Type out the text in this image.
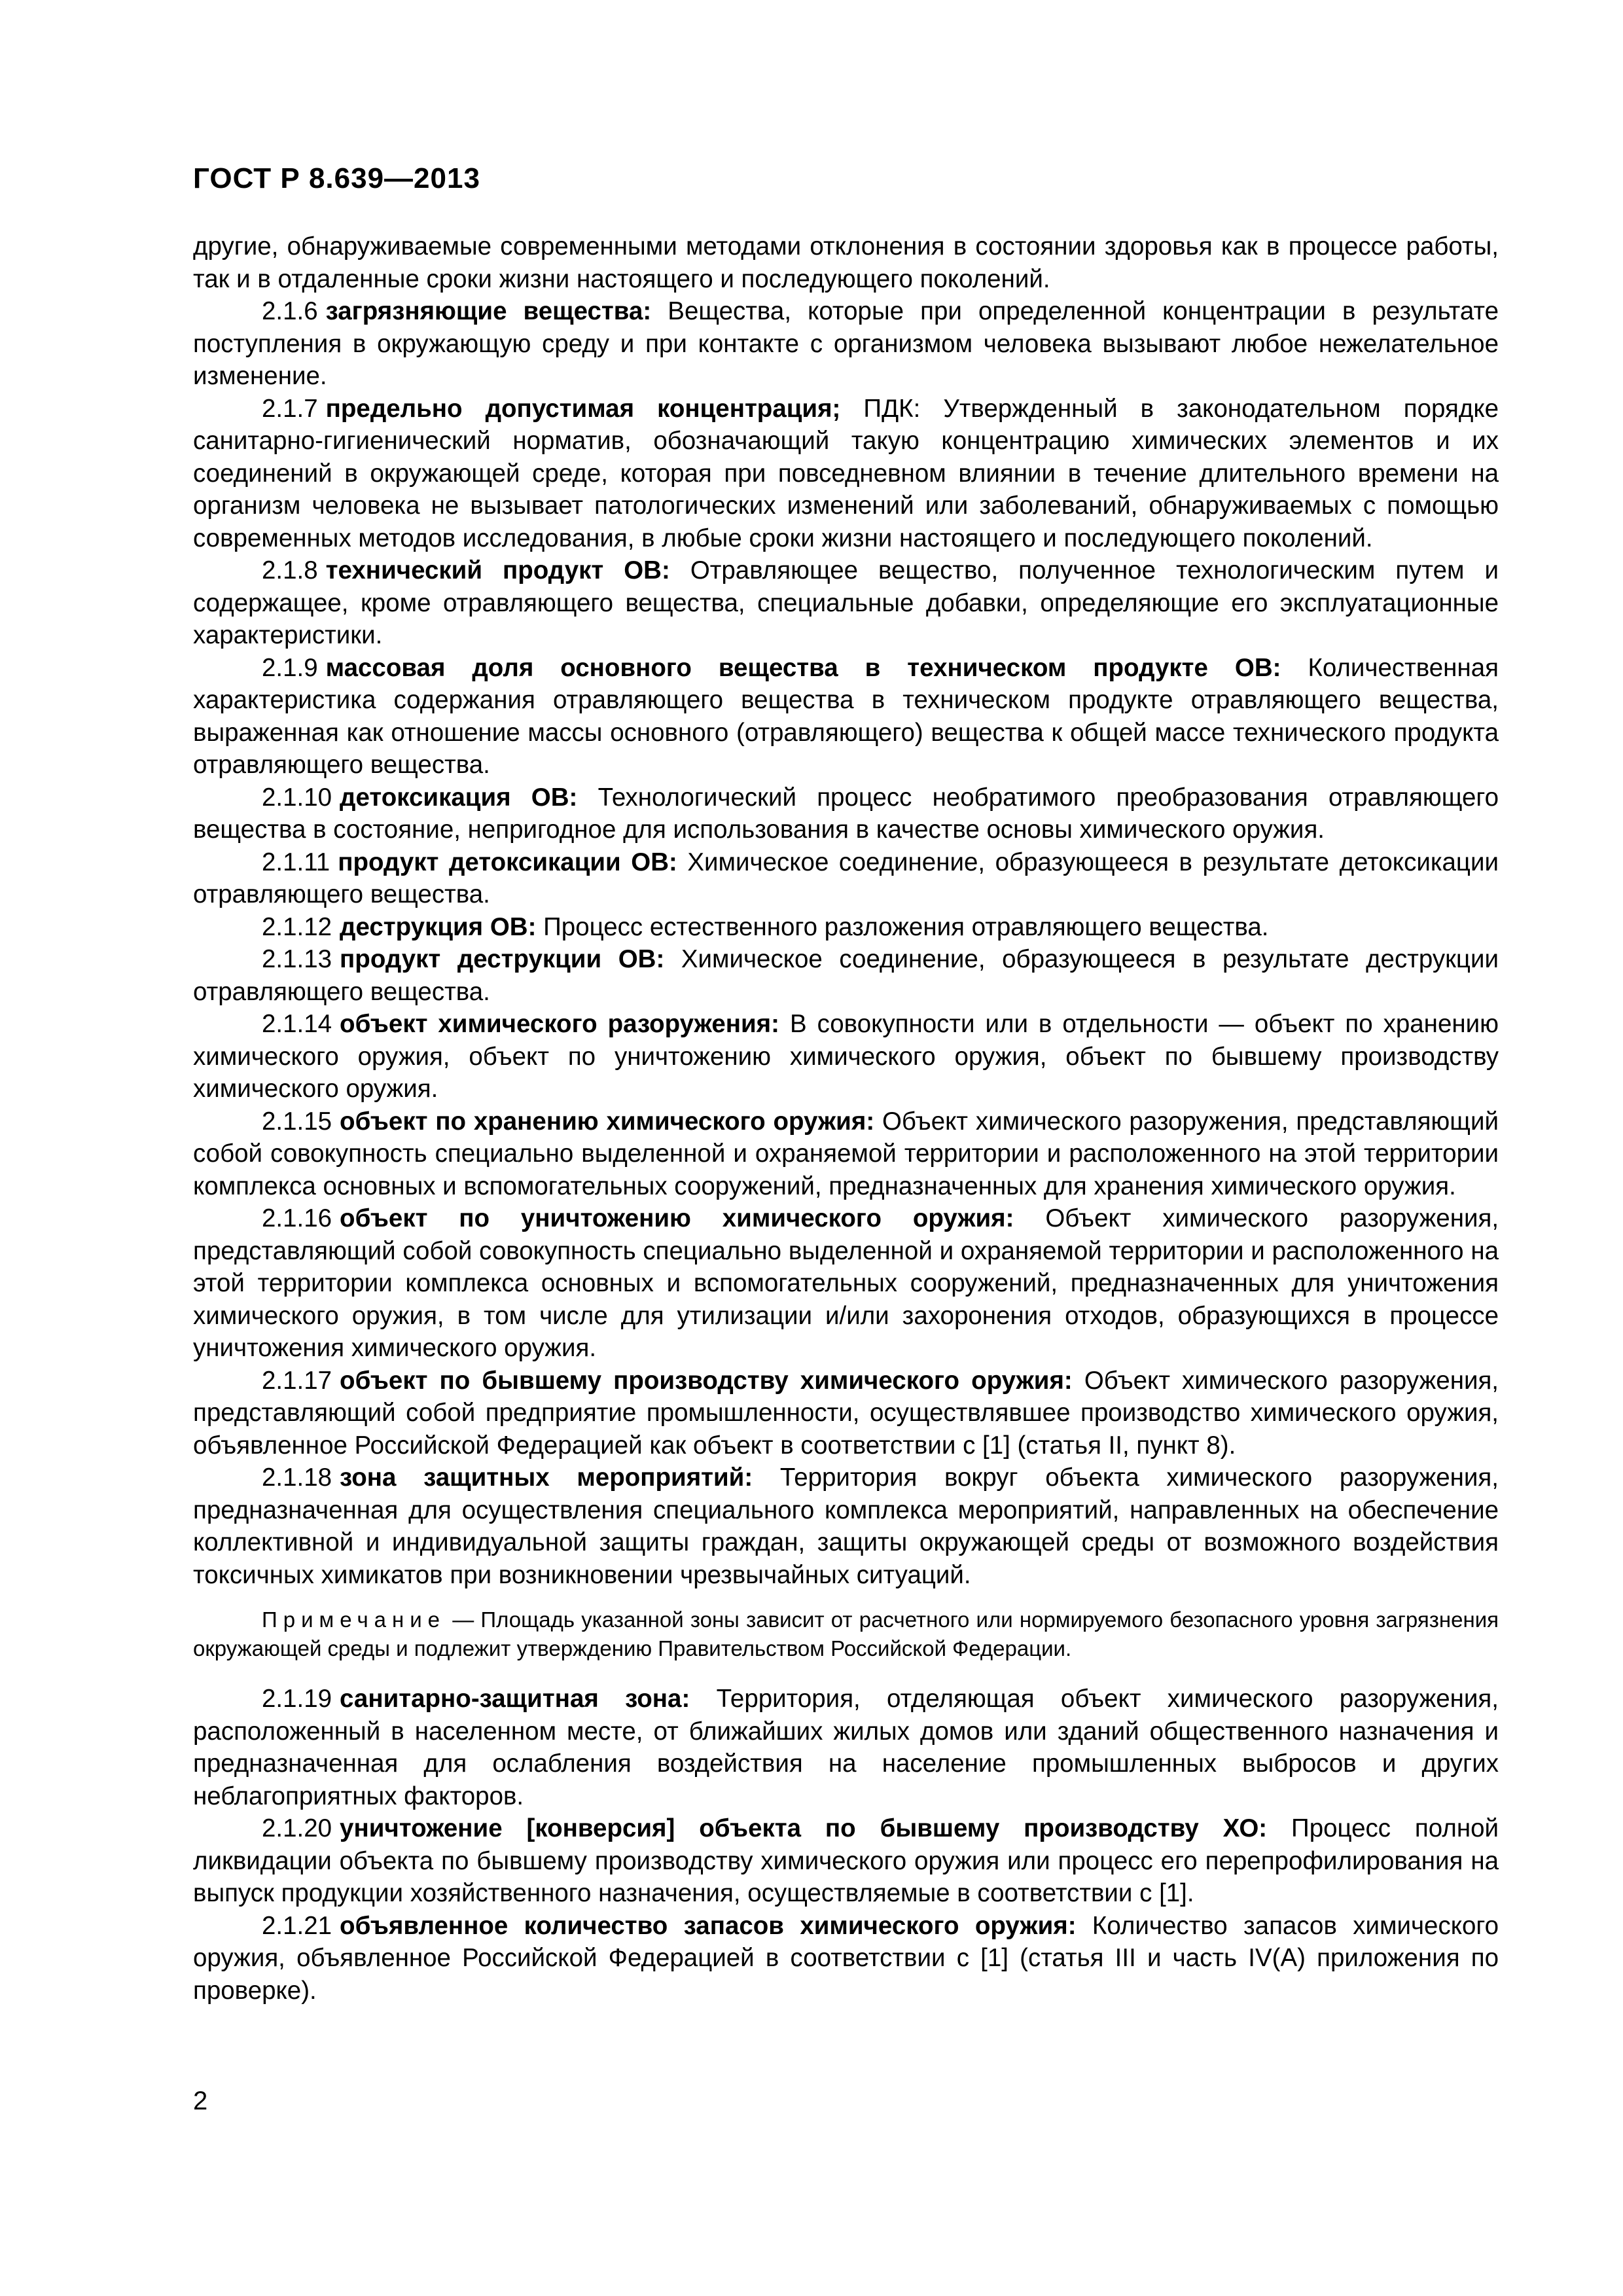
ГОСТ Р 8.639—2013

другие, обнаруживаемые современными методами отклонения в состоянии здоровья как в процессе работы, так и в отдаленные сроки жизни настоящего и последующего поколений.

2.1.6 загрязняющие вещества: Вещества, которые при определенной концентрации в результате поступления в окружающую среду и при контакте с организмом человека вызывают любое нежелательное изменение.

2.1.7 предельно допустимая концентрация; ПДК: Утвержденный в законодательном порядке санитарно-гигиенический норматив, обозначающий такую концентрацию химических элементов и их соединений в окружающей среде, которая при повседневном влиянии в течение длительного времени на организм человека не вызывает патологических изменений или заболеваний, обнаруживаемых с помощью современных методов исследования, в любые сроки жизни настоящего и последующего поколений.

2.1.8 технический продукт ОВ: Отравляющее вещество, полученное технологическим путем и содержащее, кроме отравляющего вещества, специальные добавки, определяющие его эксплуатационные характеристики.

2.1.9 массовая доля основного вещества в техническом продукте ОВ: Количественная характеристика содержания отравляющего вещества в техническом продукте отравляющего вещества, выраженная как отношение массы основного (отравляющего) вещества к общей массе технического продукта отравляющего вещества.

2.1.10 детоксикация ОВ: Технологический процесс необратимого преобразования отравляющего вещества в состояние, непригодное для использования в качестве основы химического оружия.

2.1.11 продукт детоксикации ОВ: Химическое соединение, образующееся в результате детоксикации отравляющего вещества.

2.1.12 деструкция ОВ: Процесс естественного разложения отравляющего вещества.

2.1.13 продукт деструкции ОВ: Химическое соединение, образующееся в результате деструкции отравляющего вещества.

2.1.14 объект химического разоружения: В совокупности или в отдельности — объект по хранению химического оружия, объект по уничтожению химического оружия, объект по бывшему производству химического оружия.

2.1.15 объект по хранению химического оружия: Объект химического разоружения, представляющий собой совокупность специально выделенной и охраняемой территории и расположенного на этой территории комплекса основных и вспомогательных сооружений, предназначенных для хранения химического оружия.

2.1.16 объект по уничтожению химического оружия: Объект химического разоружения, представляющий собой совокупность специально выделенной и охраняемой территории и расположенного на этой территории комплекса основных и вспомогательных сооружений, предназначенных для уничтожения химического оружия, в том числе для утилизации и/или захоронения отходов, образующихся в процессе уничтожения химического оружия.

2.1.17 объект по бывшему производству химического оружия: Объект химического разоружения, представляющий собой предприятие промышленности, осуществлявшее производство химического оружия, объявленное Российской Федерацией как объект в соответствии с [1] (статья II, пункт 8).

2.1.18 зона защитных мероприятий: Территория вокруг объекта химического разоружения, предназначенная для осуществления специального комплекса мероприятий, направленных на обеспечение коллективной и индивидуальной защиты граждан, защиты окружающей среды от возможного воздействия токсичных химикатов при возникновении чрезвычайных ситуаций.

Примечание — Площадь указанной зоны зависит от расчетного или нормируемого безопасного уровня загрязнения окружающей среды и подлежит утверждению Правительством Российской Федерации.

2.1.19 санитарно-защитная зона: Территория, отделяющая объект химического разоружения, расположенный в населенном месте, от ближайших жилых домов или зданий общественного назначения и предназначенная для ослабления воздействия на население промышленных выбросов и других неблагоприятных факторов.

2.1.20 уничтожение [конверсия] объекта по бывшему производству ХО: Процесс полной ликвидации объекта по бывшему производству химического оружия или процесс его перепрофилирования на выпуск продукции хозяйственного назначения, осуществляемые в соответствии с [1].

2.1.21 объявленное количество запасов химического оружия: Количество запасов химического оружия, объявленное Российской Федерацией в соответствии с [1] (статья III и часть IV(A) приложения по проверке).

2
